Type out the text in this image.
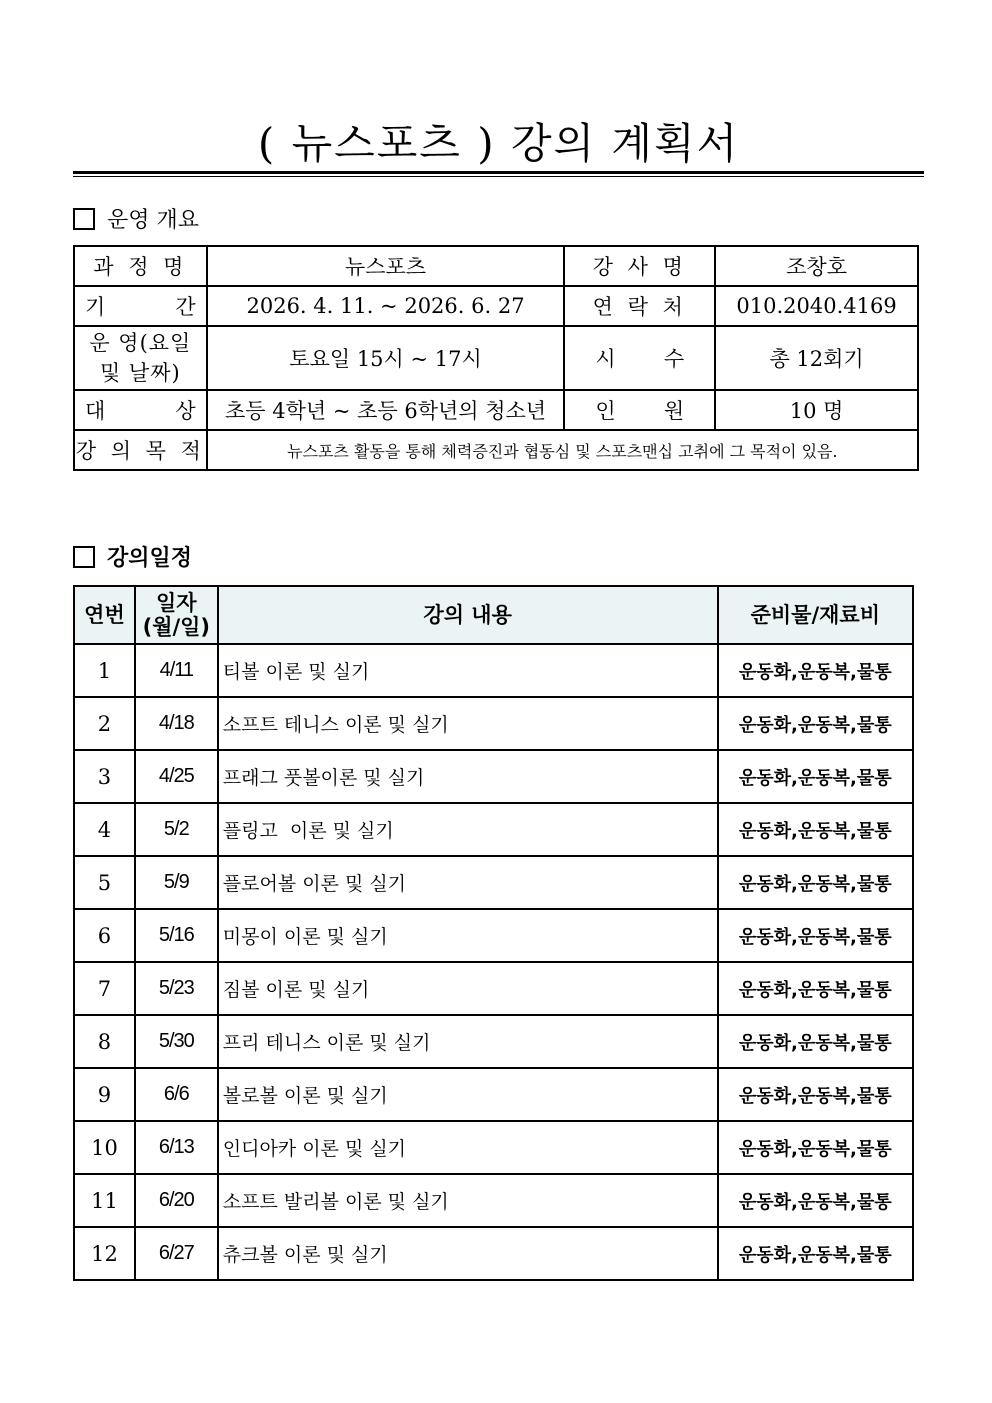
( 뉴스포츠 ) 강의 계획서
운영 개요
과 정 명	뉴스포츠	강 사 명	조창호

기 간	2026. 4. 11. ~ 2026. 6. 27	연 락 처	010.2040.4169
운 영(요일 및 날짜)	토요일 15시 ~ 17시	시 수	총 12회기

대 상	초등 4학년 ~ 초등 6학년의 청소년	인 원	10 명
강 의 목 적	뉴스포츠 활동을 통해 체력증진과 협동심 및 스포츠맨십 고취에 그 목적이 있음.		
강의일정
연번	일자 (월/일)	강의 내용	준비물/재료비
1	4/11	티볼 이론 및 실기	운동화,운동복,물통
2	4/18	소프트 테니스 이론 및 실기	운동화,운동복,물통
3	4/25	프래그 풋볼이론 및 실기	운동화,운동복,물통
4	5/2	플링고  이론 및 실기	운동화,운동복,물통
5	5/9	플로어볼 이론 및 실기	운동화,운동복,물통
6	5/16	미몽이 이론 및 실기	운동화,운동복,물통
7	5/23	짐볼 이론 및 실기	운동화,운동복,물통
8	5/30	프리 테니스 이론 및 실기	운동화,운동복,물통
9	6/6	볼로볼 이론 및 실기	운동화,운동복,물통
10	6/13	인디아카 이론 및 실기	운동화,운동복,물통
11	6/20	소프트 발리볼 이론 및 실기	운동화,운동복,물통
12	6/27	츄크볼 이론 및 실기	운동화,운동복,물통
